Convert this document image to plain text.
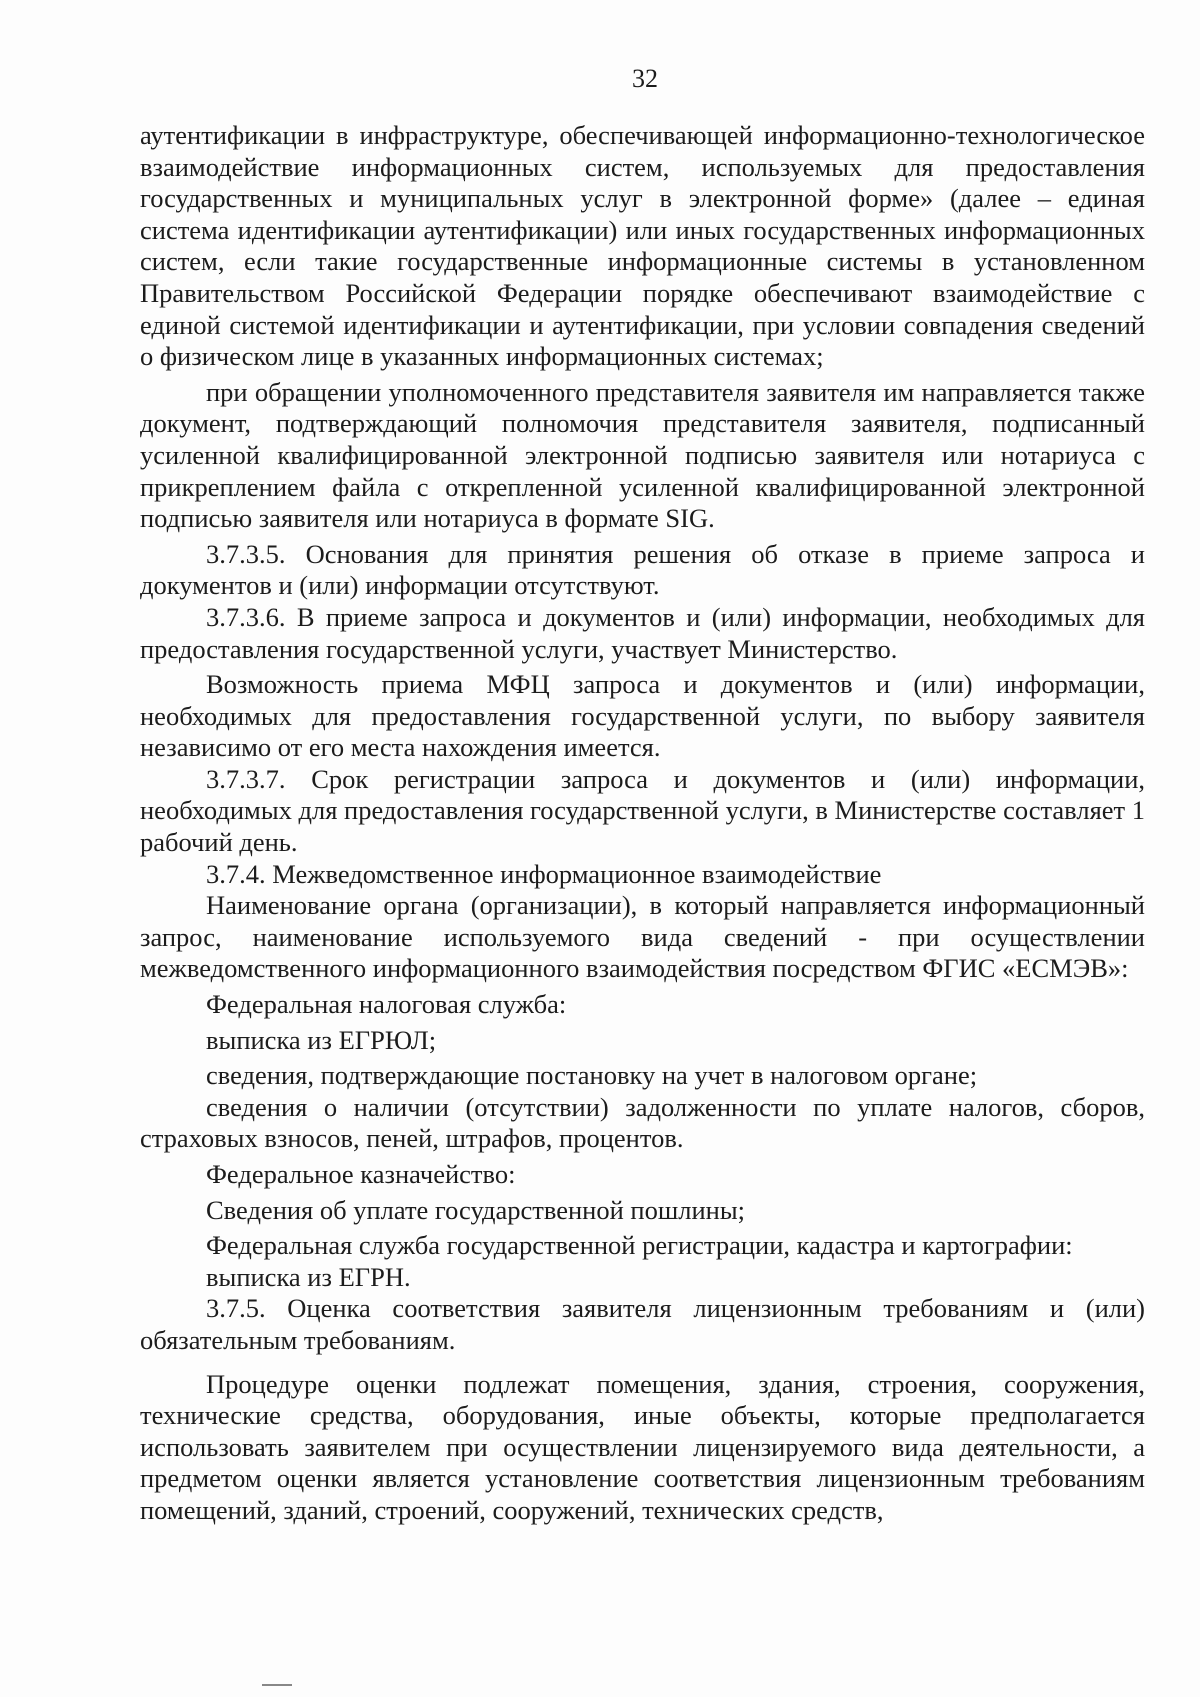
32

аутентификации в инфраструктуре, обеспечивающей информационно-технологическое взаимодействие информационных систем, используемых для предоставления государственных и муниципальных услуг в электронной форме» (далее – единая система идентификации аутентификации) или иных государственных информационных систем, если такие государственные информационные системы в установленном Правительством Российской Федерации порядке обеспечивают взаимодействие с единой системой идентификации и аутентификации, при условии совпадения сведений о физическом лице в указанных информационных системах;

при обращении уполномоченного представителя заявителя им направляется также документ, подтверждающий полномочия представителя заявителя, подписанный усиленной квалифицированной электронной подписью заявителя или нотариуса с прикреплением файла с открепленной усиленной квалифицированной электронной подписью заявителя или нотариуса в формате SIG.

3.7.3.5. Основания для принятия решения об отказе в приеме запроса и документов и (или) информации отсутствуют.

3.7.3.6. В приеме запроса и документов и (или) информации, необходимых для предоставления государственной услуги, участвует Министерство.

Возможность приема МФЦ запроса и документов и (или) информации, необходимых для предоставления государственной услуги, по выбору заявителя независимо от его места нахождения имеется.

3.7.3.7. Срок регистрации запроса и документов и (или) информации, необходимых для предоставления государственной услуги, в Министерстве составляет 1 рабочий день.

3.7.4. Межведомственное информационное взаимодействие

Наименование органа (организации), в который направляется информационный запрос, наименование используемого вида сведений - при осуществлении межведомственного информационного взаимодействия посредством ФГИС «ЕСМЭВ»:

Федеральная налоговая служба:

выписка из ЕГРЮЛ;

сведения, подтверждающие постановку на учет в налоговом органе;

сведения о наличии (отсутствии) задолженности по уплате налогов, сборов, страховых взносов, пеней, штрафов, процентов.

Федеральное казначейство:

Сведения об уплате государственной пошлины;

Федеральная служба государственной регистрации, кадастра и картографии:

выписка из ЕГРН.

3.7.5. Оценка соответствия заявителя лицензионным требованиям и (или) обязательным требованиям.

Процедуре оценки подлежат помещения, здания, строения, сооружения, технические средства, оборудования, иные объекты, которые предполагается использовать заявителем при осуществлении лицензируемого вида деятельности, а предметом оценки является установление соответствия лицензионным требованиям помещений, зданий, строений, сооружений, технических средств,
